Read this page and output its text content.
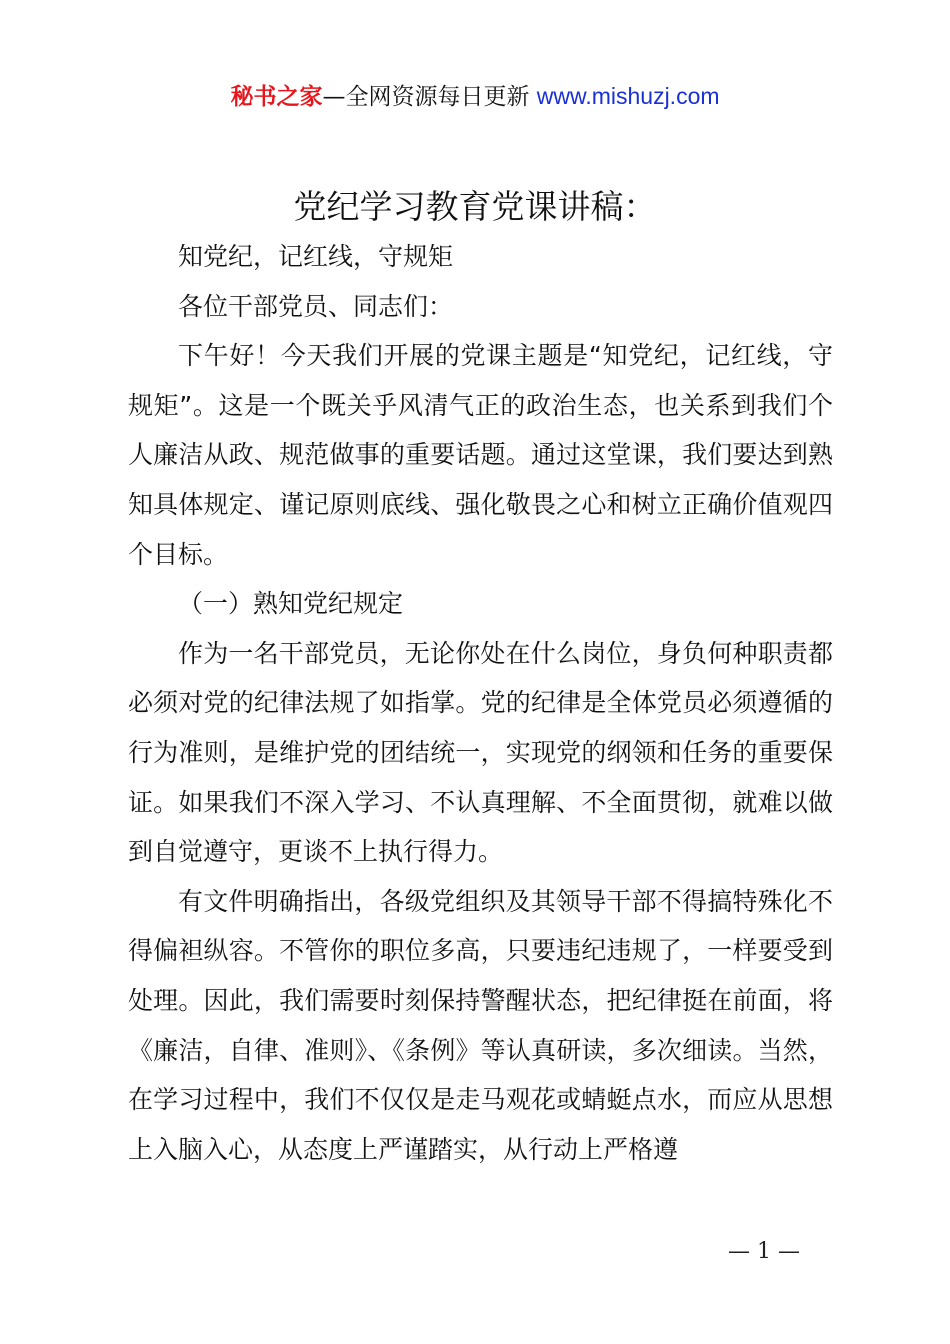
秘书之家—全网资源每日更新 www.mishuzj.com
党纪学习教育党课讲稿：

知党纪，记红线，守规矩

各位干部党员、同志们：

下午好！今天我们开展的党课主题是“知党纪，记红线，守规矩”。这是一个既关乎风清气正的政治生态，也关系到我们个人廉洁从政、规范做事的重要话题。通过这堂课，我们要达到熟知具体规定、谨记原则底线、强化敬畏之心和树立正确价值观四个目标。

（一）熟知党纪规定

作为一名干部党员，无论你处在什么岗位，身负何种职责都必须对党的纪律法规了如指掌。党的纪律是全体党员必须遵循的行为准则，是维护党的团结统一，实现党的纲领和任务的重要保证。如果我们不深入学习、不认真理解、不全面贯彻，就难以做到自觉遵守，更谈不上执行得力。

有文件明确指出，各级党组织及其领导干部不得搞特殊化不得偏袒纵容。不管你的职位多高，只要违纪违规了，一样要受到处理。因此，我们需要时刻保持警醒状态，把纪律挺在前面，将《廉洁，自律、准则》、《条例》等认真研读，多次细读。当然，在学习过程中，我们不仅仅是走马观花或蜻蜓点水，而应从思想上入脑入心，从态度上严谨踏实，从行动上严格遵

— 1 —
